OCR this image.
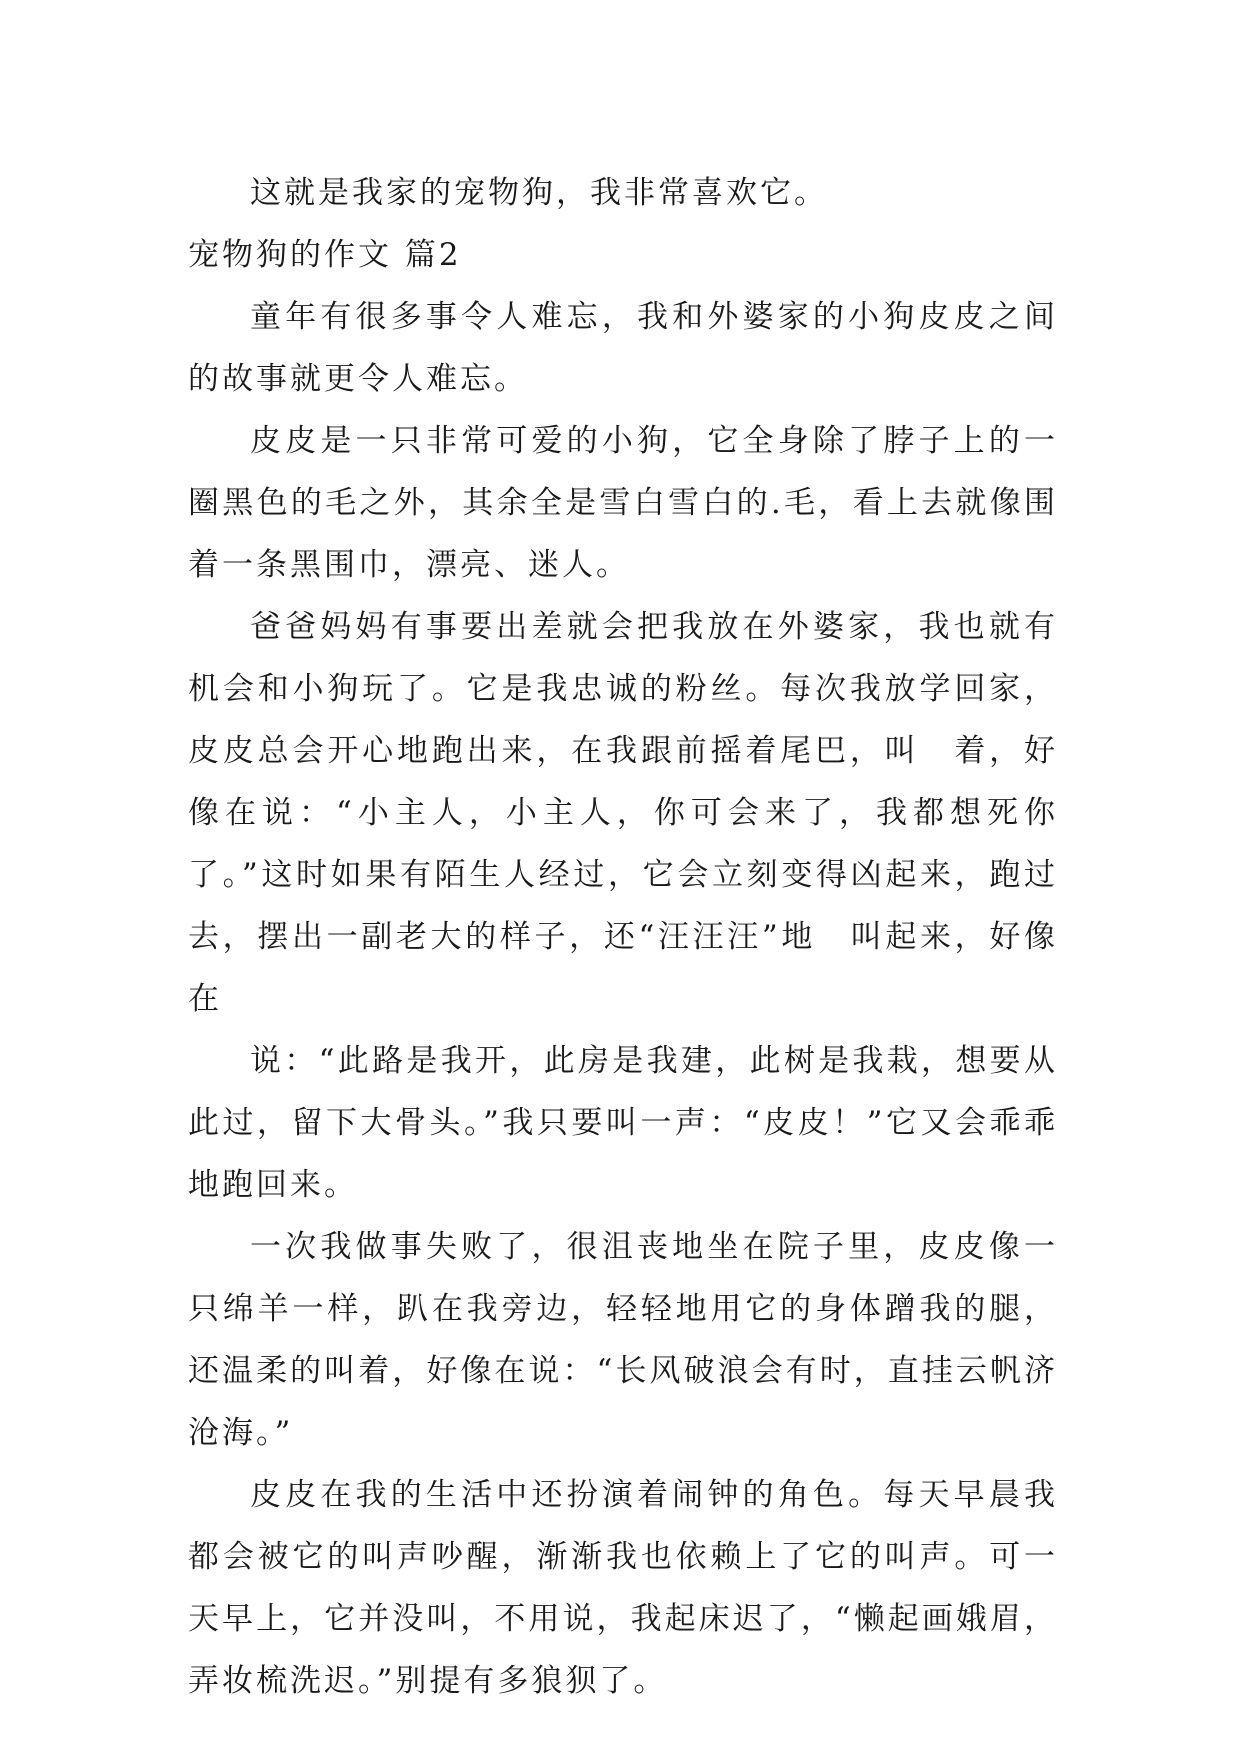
这就是我家的宠物狗，我非常喜欢它。

宠物狗的作文 篇2

童年有很多事令人难忘，我和外婆家的小狗皮皮之间的故事就更令人难忘。

皮皮是一只非常可爱的小狗，它全身除了脖子上的一圈黑色的毛之外，其余全是雪白雪白的.毛，看上去就像围着一条黑围巾，漂亮、迷人。

爸爸妈妈有事要出差就会把我放在外婆家，我也就有机会和小狗玩了。它是我忠诚的粉丝。每次我放学回家，皮皮总会开心地跑出来，在我跟前摇着尾巴，叫　着，好像在说：“小主人，小主人，你可会来了，我都想死你了。”这时如果有陌生人经过，它会立刻变得凶起来，跑过去，摆出一副老大的样子，还“汪汪汪”地　叫起来，好像在

说：“此路是我开，此房是我建，此树是我栽，想要从此过，留下大骨头。”我只要叫一声：“皮皮！”它又会乖乖地跑回来。

一次我做事失败了，很沮丧地坐在院子里，皮皮像一只绵羊一样，趴在我旁边，轻轻地用它的身体蹭我的腿，还温柔的叫着，好像在说：“长风破浪会有时，直挂云帆济沧海。”

皮皮在我的生活中还扮演着闹钟的角色。每天早晨我都会被它的叫声吵醒，渐渐我也依赖上了它的叫声。可一天早上，它并没叫，不用说，我起床迟了，“懒起画娥眉，弄妆梳洗迟。”别提有多狼狈了。
